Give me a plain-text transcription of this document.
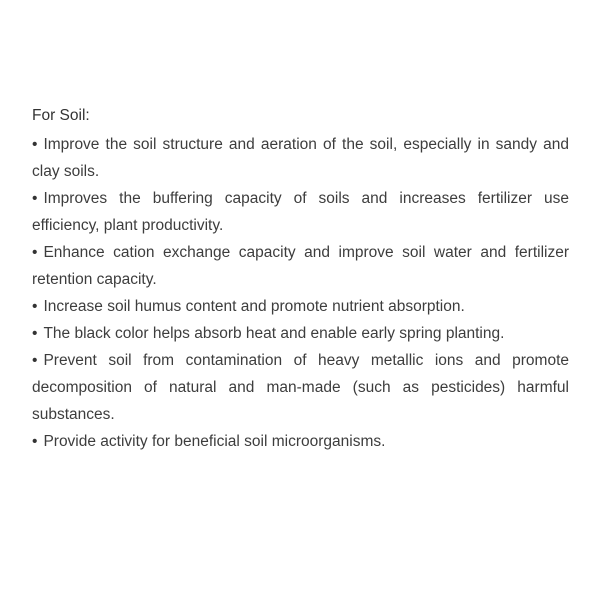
For Soil:

• Improve the soil structure and aeration of the soil, especially in sandy and clay soils.

• Improves the buffering capacity of soils and increases fertilizer use efficiency, plant productivity.

• Enhance cation exchange capacity and improve soil water and fertilizer retention capacity.

• Increase soil humus content and promote nutrient absorption.

• The black color helps absorb heat and enable early spring planting.

• Prevent soil from contamination of heavy metallic ions and promote decomposition of natural and man-made (such as pesticides) harmful substances.

• Provide activity for beneficial soil microorganisms.
